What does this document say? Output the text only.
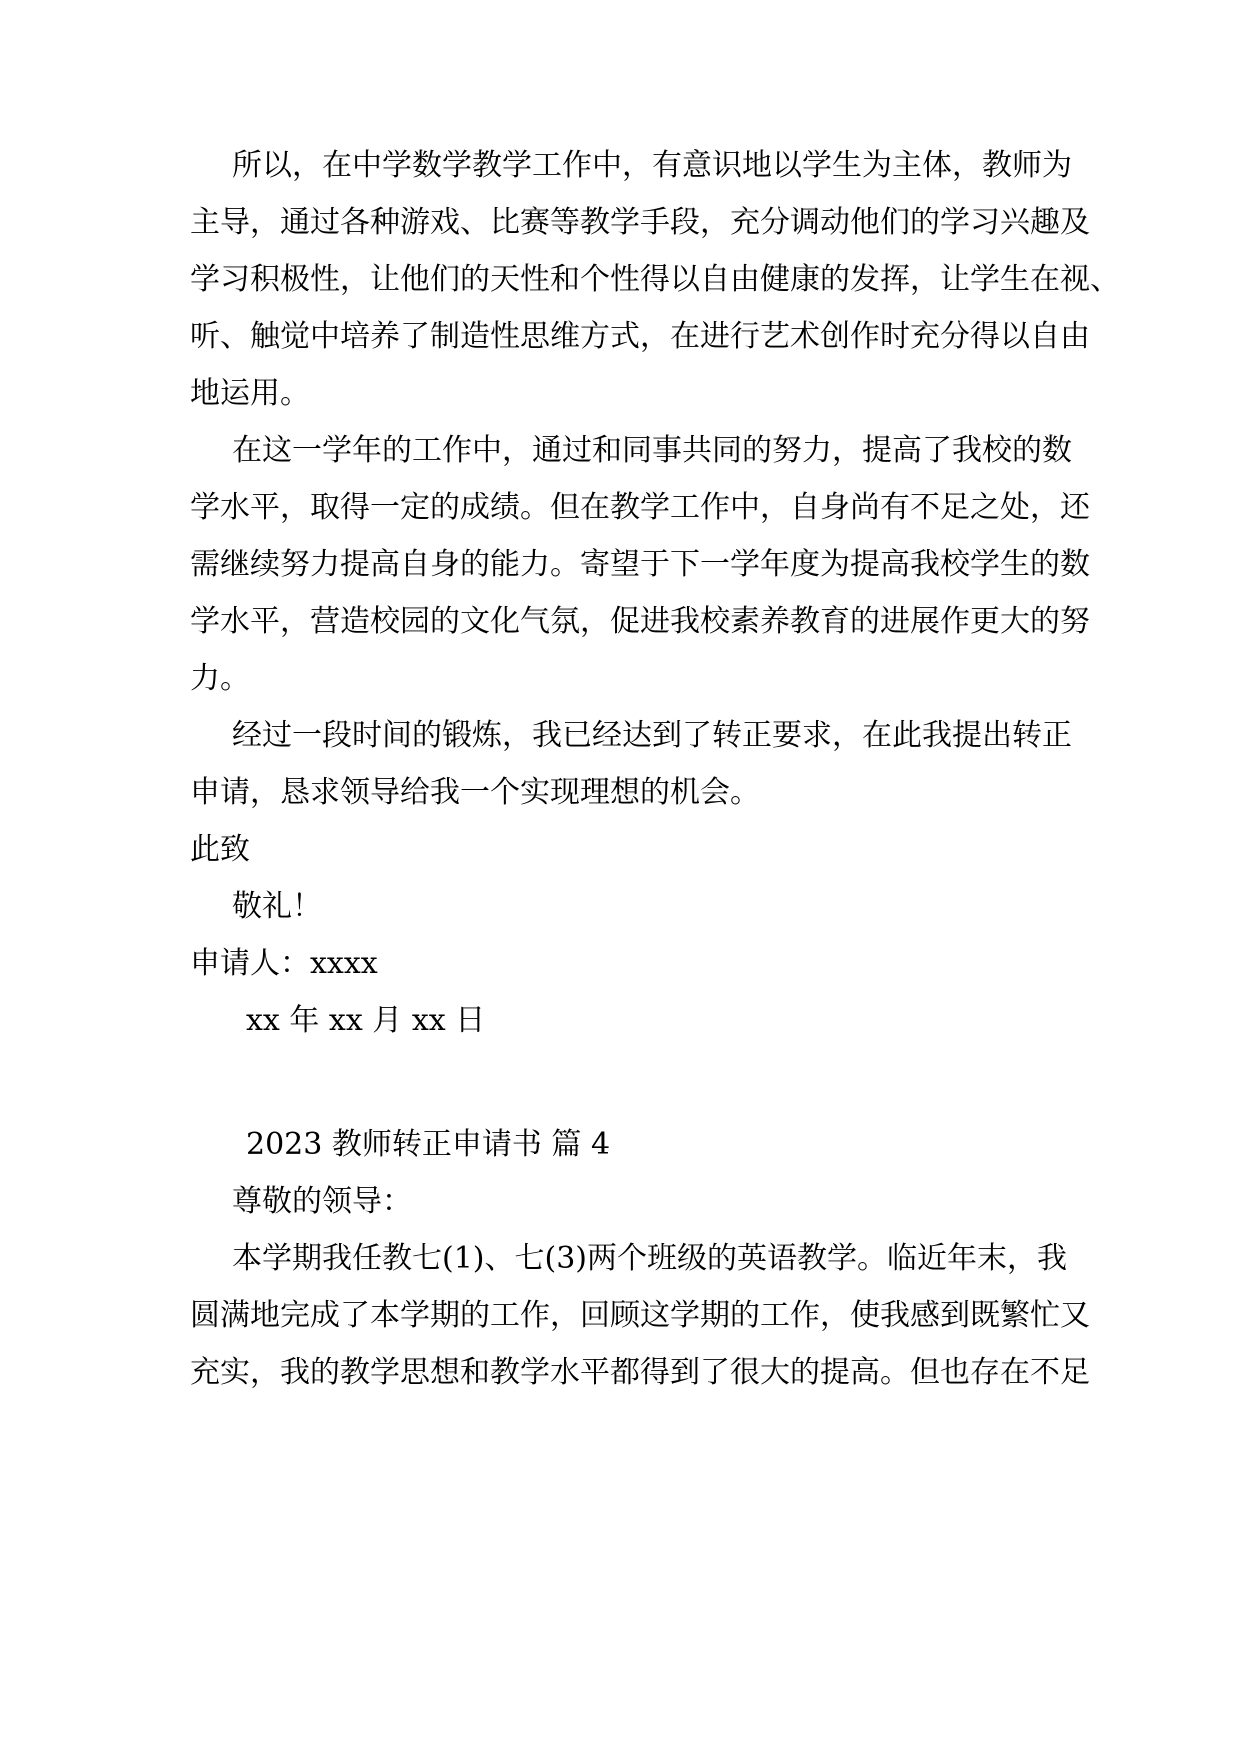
所以，在中学数学教学工作中，有意识地以学生为主体，教师为
主导，通过各种游戏、比赛等教学手段，充分调动他们的学习兴趣及
学习积极性，让他们的天性和个性得以自由健康的发挥，让学生在视、
听、触觉中培养了制造性思维方式，在进行艺术创作时充分得以自由
地运用。
在这一学年的工作中，通过和同事共同的努力，提高了我校的数
学水平，取得一定的成绩。但在教学工作中，自身尚有不足之处，还
需继续努力提高自身的能力。寄望于下一学年度为提高我校学生的数
学水平，营造校园的文化气氛，促进我校素养教育的进展作更大的努
力。
经过一段时间的锻炼，我已经达到了转正要求，在此我提出转正
申请，恳求领导给我一个实现理想的机会。
此致
敬礼！
申请人：xxxx
xx 年 xx 月 xx 日
2023 教师转正申请书 篇 4
尊敬的领导：
本学期我任教七(1)、七(3)两个班级的英语教学。临近年末，我
圆满地完成了本学期的工作，回顾这学期的工作，使我感到既繁忙又
充实，我的教学思想和教学水平都得到了很大的提高。但也存在不足
